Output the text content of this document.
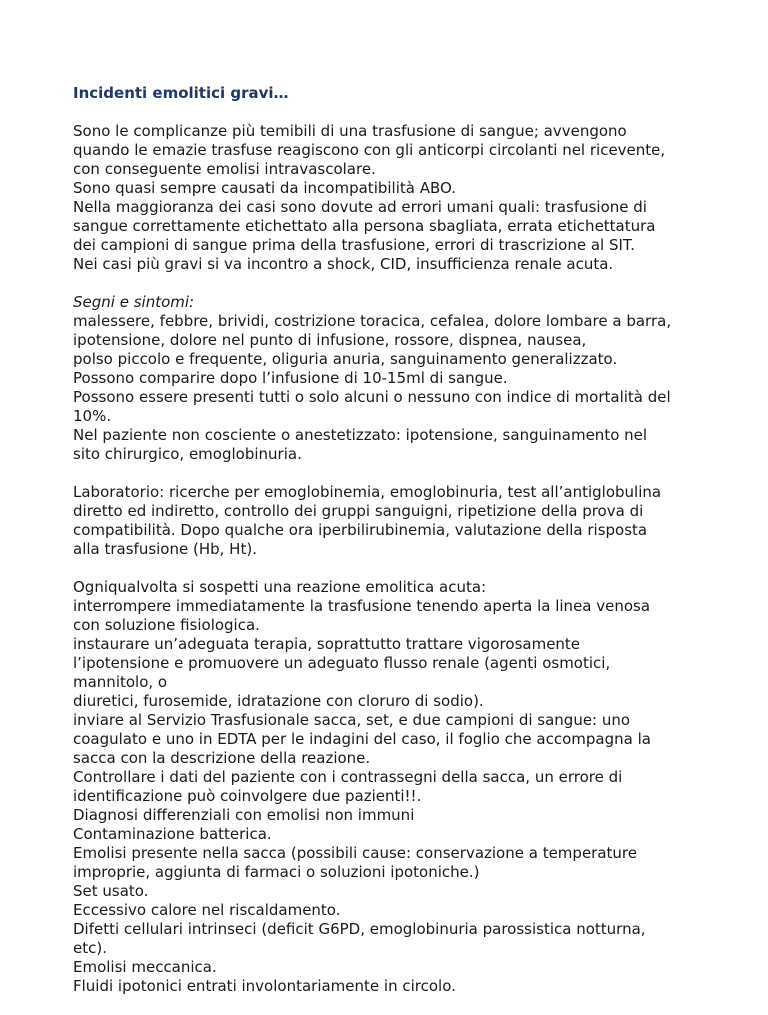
Incidenti emolitici gravi…
Sono le complicanze più temibili di una trasfusione di sangue; avvengono
quando le emazie trasfuse reagiscono con gli anticorpi circolanti nel ricevente,
con conseguente emolisi intravascolare.
Sono quasi sempre causati da incompatibilità ABO.
Nella maggioranza dei casi sono dovute ad errori umani quali: trasfusione di
sangue correttamente etichettato alla persona sbagliata, errata etichettatura
dei campioni di sangue prima della trasfusione, errori di trascrizione al SIT.
Nei casi più gravi si va incontro a shock, CID, insufficienza renale acuta.
Segni e sintomi:
malessere, febbre, brividi, costrizione toracica, cefalea, dolore lombare a barra,
ipotensione, dolore nel punto di infusione, rossore, dispnea, nausea,
polso piccolo e frequente, oliguria anuria, sanguinamento generalizzato.
Possono comparire dopo l’infusione di 10-15ml di sangue.
Possono essere presenti tutti o solo alcuni o nessuno con indice di mortalità del
10%.
Nel paziente non cosciente o anestetizzato: ipotensione, sanguinamento nel
sito chirurgico, emoglobinuria.
Laboratorio: ricerche per emoglobinemia, emoglobinuria, test all’antiglobulina
diretto ed indiretto, controllo dei gruppi sanguigni, ripetizione della prova di
compatibilità. Dopo qualche ora iperbilirubinemia, valutazione della risposta
alla trasfusione (Hb, Ht).
Ogniqualvolta si sospetti una reazione emolitica acuta:
interrompere immediatamente la trasfusione tenendo aperta la linea venosa
con soluzione fisiologica.
instaurare un’adeguata terapia, soprattutto trattare vigorosamente
l’ipotensione e promuovere un adeguato flusso renale (agenti osmotici,
mannitolo, o
diuretici, furosemide, idratazione con cloruro di sodio).
inviare al Servizio Trasfusionale sacca, set, e due campioni di sangue: uno
coagulato e uno in EDTA per le indagini del caso, il foglio che accompagna la
sacca con la descrizione della reazione.
Controllare i dati del paziente con i contrassegni della sacca, un errore di
identificazione può coinvolgere due pazienti!!.
Diagnosi differenziali con emolisi non immuni
Contaminazione batterica.
Emolisi presente nella sacca (possibili cause: conservazione a temperature
improprie, aggiunta di farmaci o soluzioni ipotoniche.)
Set usato.
Eccessivo calore nel riscaldamento.
Difetti cellulari intrinseci (deficit G6PD, emoglobinuria parossistica notturna,
etc).
Emolisi meccanica.
Fluidi ipotonici entrati involontariamente in circolo.
